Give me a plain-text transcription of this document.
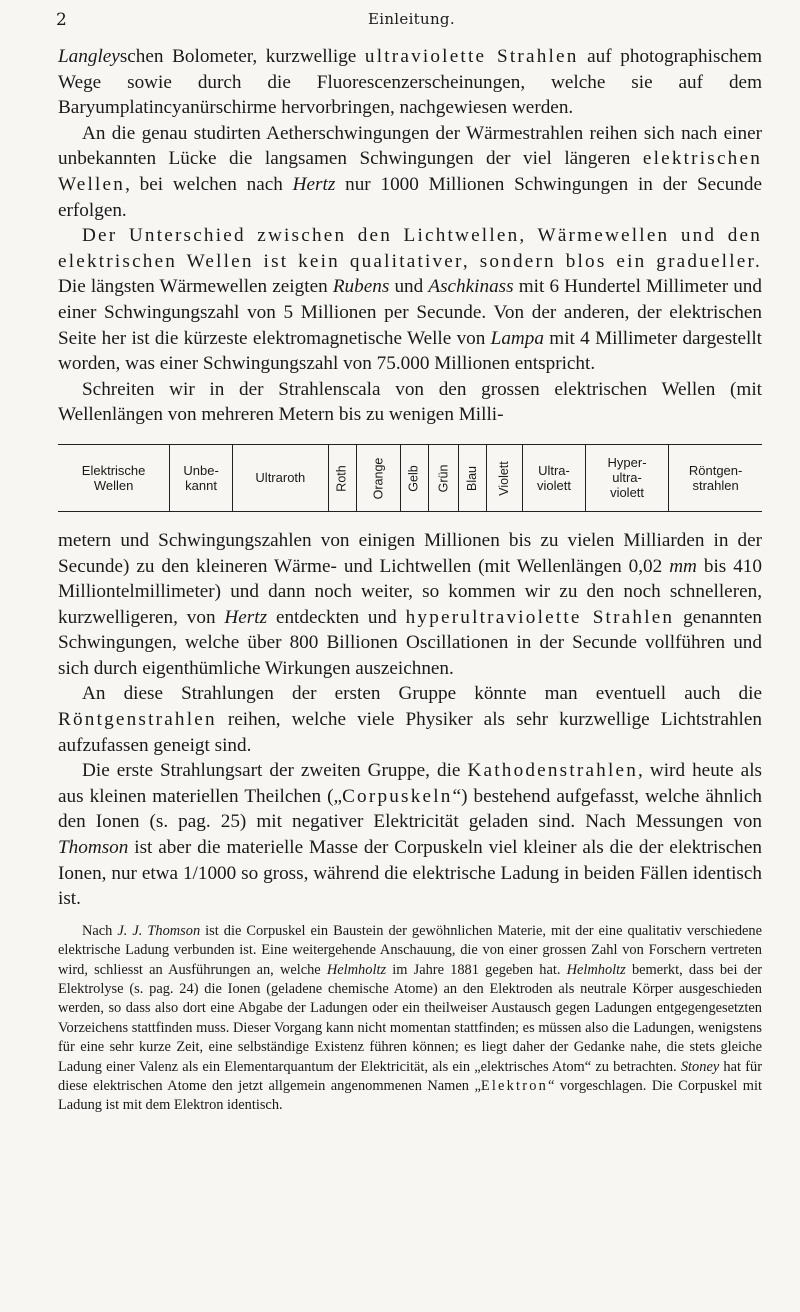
2	Einleitung.

Langleyschen Bolometer, kurzwellige ultraviolette Strahlen auf photographischem Wege sowie durch die Fluorescenzerscheinungen, welche sie auf dem Baryumplatincyanürschirme hervorbringen, nachgewiesen werden.

An die genau studirten Aetherschwingungen der Wärmestrahlen reihen sich nach einer unbekannten Lücke die langsamen Schwingungen der viel längeren elektrischen Wellen, bei welchen nach Hertz nur 1000 Millionen Schwingungen in der Secunde erfolgen.

Der Unterschied zwischen den Lichtwellen, Wärmewellen und den elektrischen Wellen ist kein qualitativer, sondern blos ein gradueller. Die längsten Wärmewellen zeigten Rubens und Aschkinass mit 6 Hundertel Millimeter und einer Schwingungszahl von 5 Millionen per Secunde. Von der anderen, der elektrischen Seite her ist die kürzeste elektromagnetische Welle von Lampa mit 4 Millimeter dargestellt worden, was einer Schwingungszahl von 75.000 Millionen entspricht.

Schreiten wir in der Strahlenscala von den grossen elektrischen Wellen (mit Wellenlängen von mehreren Metern bis zu wenigen Milli-

Elektrische Wellen	Unbe- kannt	Ultraroth	Roth	Orange	Gelb	Grün	Blau	Violett	Ultra- violett	Hyper- ultra- violett	Röntgen- strahlen

metern und Schwingungszahlen von einigen Millionen bis zu vielen Milliarden in der Secunde) zu den kleineren Wärme- und Lichtwellen (mit Wellenlängen 0,02 mm bis 410 Milliontelmillimeter) und dann noch weiter, so kommen wir zu den noch schnelleren, kurzwelligeren, von Hertz entdeckten und hyperultraviolette Strahlen genannten Schwingungen, welche über 800 Billionen Oscillationen in der Secunde vollführen und sich durch eigenthümliche Wirkungen auszeichnen.

An diese Strahlungen der ersten Gruppe könnte man eventuell auch die Röntgenstrahlen reihen, welche viele Physiker als sehr kurzwellige Lichtstrahlen aufzufassen geneigt sind.

Die erste Strahlungsart der zweiten Gruppe, die Kathodenstrahlen, wird heute als aus kleinen materiellen Theilchen („Corpuskeln“) bestehend aufgefasst, welche ähnlich den Ionen (s. pag. 25) mit negativer Elektricität geladen sind. Nach Messungen von Thomson ist aber die materielle Masse der Corpuskeln viel kleiner als die der elektrischen Ionen, nur etwa 1/1000 so gross, während die elektrische Ladung in beiden Fällen identisch ist.

Nach J. J. Thomson ist die Corpuskel ein Baustein der gewöhnlichen Materie, mit der eine qualitativ verschiedene elektrische Ladung verbunden ist. Eine weitergehende Anschauung, die von einer grossen Zahl von Forschern vertreten wird, schliesst an Ausführungen an, welche Helmholtz im Jahre 1881 gegeben hat. Helmholtz bemerkt, dass bei der Elektrolyse (s. pag. 24) die Ionen (geladene chemische Atome) an den Elektroden als neutrale Körper ausgeschieden werden, so dass also dort eine Abgabe der Ladungen oder ein theilweiser Austausch gegen Ladungen entgegengesetzten Vorzeichens stattfinden muss. Dieser Vorgang kann nicht momentan stattfinden; es müssen also die Ladungen, wenigstens für eine sehr kurze Zeit, eine selbständige Existenz führen können; es liegt daher der Gedanke nahe, die stets gleiche Ladung einer Valenz als ein Elementarquantum der Elektricität, als ein „elektrisches Atom“ zu betrachten. Stoney hat für diese elektrischen Atome den jetzt allgemein angenommenen Namen „Elektron“ vorgeschlagen. Die Corpuskel mit Ladung ist mit dem Elektron identisch.
